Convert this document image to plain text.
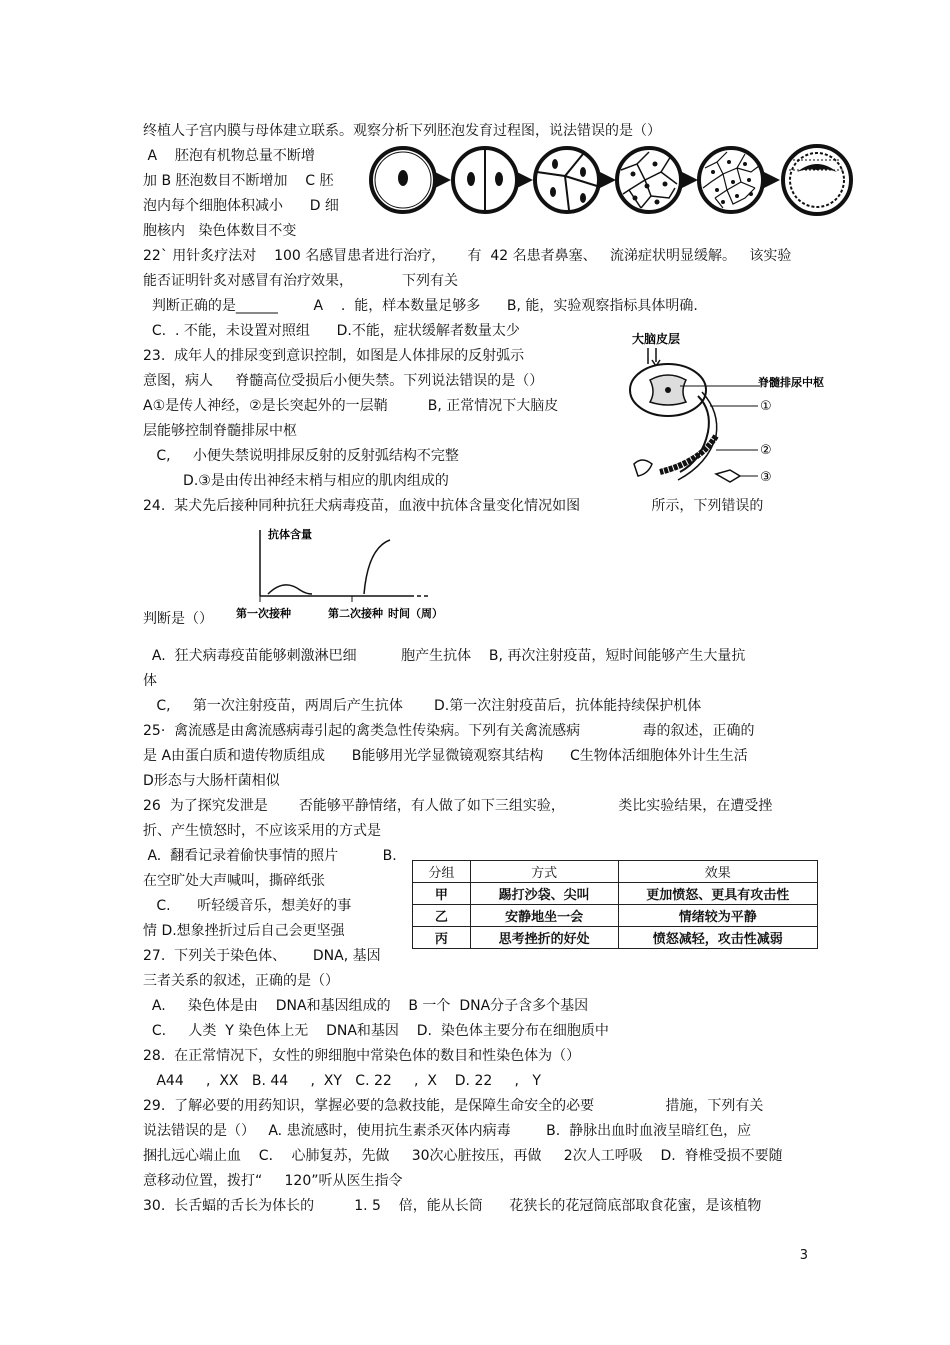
终植人子宫内膜与母体建立联系。观察分析下列胚泡发育过程图，说法错误的是（）
A    胚泡有机物总量不断增
加 B 胚泡数目不断增加    C 胚
泡内每个细胞体积减小      D 细
胞核内   染色体数目不变
22` 用针炙疗法对    100 名感冒患者进行治疗，     有  42 名患者鼻塞、   流涕症状明显缓解。   该实验
能否证明针炙对感冒有治疗效果，           下列有关
判断正确的是______        A    .  能，样本数量足够多      B, 能，实验观察指标具体明确.
C.  . 不能，未设置对照组      D.不能，症状缓解者数量太少
23.  成年人的排尿变到意识控制，如图是人体排尿的反射弧示
意图，病人     脊髓高位受损后小便失禁。下列说法错误的是（）
A①是传人神经，②是长突起外的一层鞘         B, 正常情况下大脑皮
层能够控制脊髓排尿中枢
C,     小便失禁说明排尿反射的反射弧结构不完整
D.③是由传出神经末梢与相应的肌肉组成的
24.  某犬先后接种同种抗狂犬病毒疫苗，血液中抗体含量变化情况如图                所示，下列错误的
判断是（）
A.  狂犬病毒疫苗能够刺激淋巴细          胞产生抗体    B, 再次注射疫苗，短时间能够产生大量抗
体
C,     第一次注射疫苗，两周后产生抗体       D.第一次注射疫苗后，抗体能持续保护机体
25·  禽流感是由禽流感病毒引起的禽类急性传染病。下列有关禽流感病              毒的叙述，正确的
是 A由蛋白质和遗传物质组成      B能够用光学显微镜观察其结构      C生物体活细胞体外计生生活
D形态与大肠杆菌相似
26  为了探究发泄是       否能够平静情绪，有人做了如下三组实验，            类比实验结果，在遭受挫
折、产生愤怒时，不应该采用的方式是
A.  翻看记录着偷快事情的照片          B.
在空旷处大声喊叫，撕碎纸张
C.      听轻缓音乐，想美好的事
情 D.想象挫折过后自己会更坚强
27.  下列关于染色体、      DNA, 基因
三者关系的叙述，正确的是（）
A.     染色体是由    DNA和基因组成的    B 一个  DNA分子含多个基因
C.     人类  Y 染色体上无    DNA和基因    D.  染色体主要分布在细胞质中
28.  在正常情况下，女性的卵细胞中常染色体的数目和性染色体为（）
A44     ,  XX   B. 44     ,  XY   C. 22     ,  X    D. 22     ,   Y
29.  了解必要的用药知识，掌握必要的急救技能，是保障生命安全的必要                措施，下列有关
说法错误的是（）   A. 患流感时，使用抗生素杀灭体内病毒        B.  静脉出血时血液呈暗红色，应
捆扎远心端止血    C．  心肺复苏，先做     30次心脏按压，再做     2次人工呼吸    D.  脊椎受损不要随
意移动位置，拨打“     120”听从医生指令
30.  长舌蝠的舌长为体长的         1. 5    倍，能从长筒      花狭长的花冠筒底部取食花蜜，是该植物
大脑皮层
脊髓排尿中枢
①
②
③
抗体含量
第一次接种	第二次接种 时间（周）
分组	方式	效果
甲	踢打沙袋、尖叫	更加愤怒、更具有攻击性
乙	安静地坐一会	情绪较为平静
丙	思考挫折的好处	愤怒减轻，攻击性减弱
3
